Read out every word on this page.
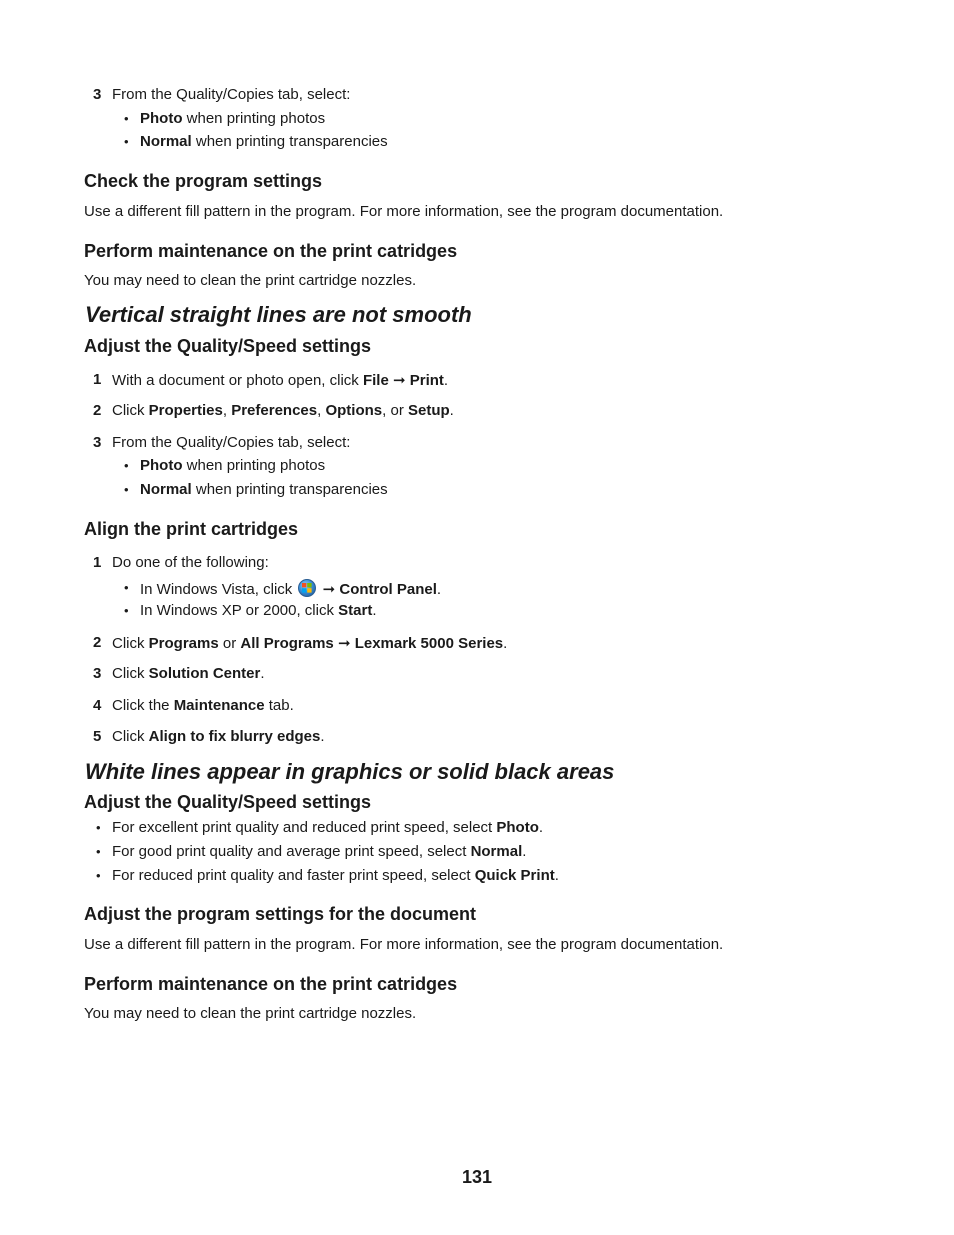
3 From the Quality/Copies tab, select:
• Photo when printing photos
• Normal when printing transparencies
Check the program settings
Use a different fill pattern in the program. For more information, see the program documentation.
Perform maintenance on the print catridges
You may need to clean the print cartridge nozzles.
Vertical straight lines are not smooth
Adjust the Quality/Speed settings
1 With a document or photo open, click File ➞ Print.
2 Click Properties, Preferences, Options, or Setup.
3 From the Quality/Copies tab, select:
• Photo when printing photos
• Normal when printing transparencies
Align the print cartridges
1 Do one of the following:
• In Windows Vista, click
➞ Control Panel.
• In Windows XP or 2000, click Start.
2 Click Programs or All Programs ➞ Lexmark 5000 Series.
3 Click Solution Center.
4 Click the Maintenance tab.
5 Click Align to fix blurry edges.
White lines appear in graphics or solid black areas
Adjust the Quality/Speed settings
• For excellent print quality and reduced print speed, select Photo.
• For good print quality and average print speed, select Normal.
• For reduced print quality and faster print speed, select Quick Print.
Adjust the program settings for the document
Use a different fill pattern in the program. For more information, see the program documentation.
Perform maintenance on the print catridges
You may need to clean the print cartridge nozzles.
131
